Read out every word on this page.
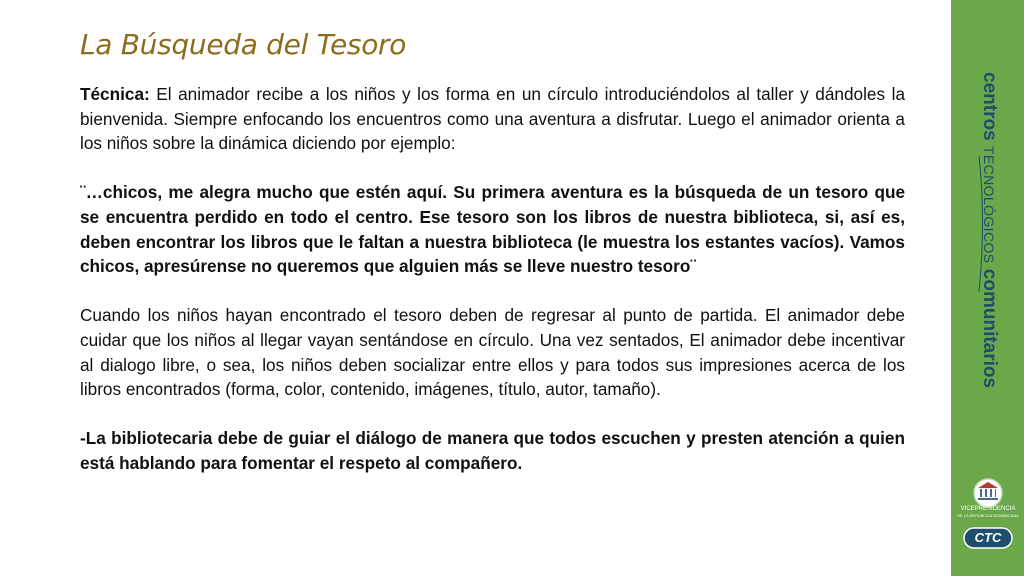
La Búsqueda del Tesoro

Técnica: El animador recibe a los niños y los forma en un círculo introduciéndolos al taller y dándoles la bienvenida. Siempre enfocando los encuentros como una aventura a disfrutar. Luego el animador orienta a los niños sobre la dinámica diciendo por ejemplo:

¨…chicos, me alegra mucho que estén aquí. Su primera aventura es la búsqueda de un tesoro que se encuentra perdido en todo el centro. Ese tesoro son los libros de nuestra biblioteca, si, así es, deben encontrar los libros que le faltan a nuestra biblioteca (le muestra los estantes vacíos). Vamos chicos, apresúrense no queremos que alguien más se lleve nuestro tesoro¨

Cuando los niños hayan encontrado el tesoro deben de regresar al punto de partida. El animador debe cuidar que los niños al llegar vayan sentándose en círculo. Una vez sentados, El animador debe incentivar al dialogo libre, o sea, los niños deben socializar entre ellos y para todos sus impresiones acerca de los libros encontrados (forma, color, contenido, imágenes, título, autor, tamaño).

-La bibliotecaria debe de guiar el diálogo de manera que todos escuchen y presten atención a quien está hablando para fomentar el respeto al compañero.

centros TECNOLÓGICOS comunitarios
VICEPRESIDENCIA
DE LA REPÚBLICA DOMINICANA
CTC
